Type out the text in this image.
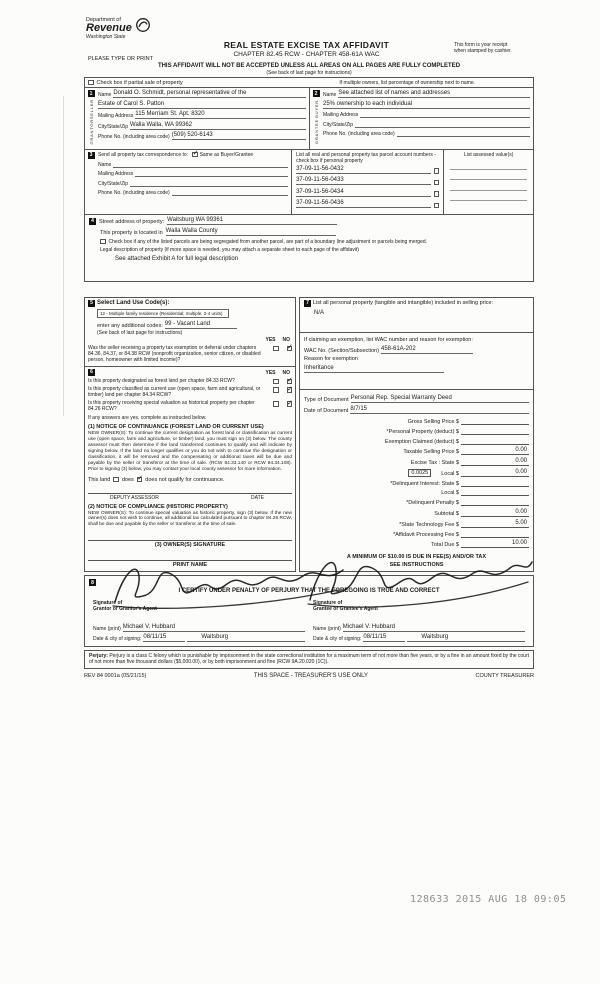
Department of
Revenue
Washington State
REAL ESTATE EXCISE TAX AFFIDAVIT
CHAPTER 82.45 RCW - CHAPTER 458-61A WAC
This form is your receipt
when stamped by cashier.
PLEASE TYPE OR PRINT
THIS AFFIDAVIT WILL NOT BE ACCEPTED UNLESS ALL AREAS ON ALL PAGES ARE FULLY COMPLETED
(See back of last page for instructions)
Check box if partial sale of property	If multiple owners, list percentage of ownership next to name.
1
SELLER
GRANTOR
Name Donald O. Schmidt, personal representative of the
Estate of Carol S. Patton
Mailing Address 115 Merriam St. Apt. 8320
City/State/Zip Walla Walla, WA 99362
Phone No. (including area code) (509) 520-6143
2
BUYER
GRANTEE
Name See attached list of names and addresses
25% ownership to each individual
Mailing Address
City/State/Zip
Phone No. (including area code)
3	Send all property tax correspondence to: ✓ Same as Buyer/Grantee
Name
Mailing Address
City/State/Zip
Phone No. (including area code)
List all real and personal property tax parcel account numbers - check box if personal property
37-09-11-56-0432
37-09-11-56-0433
37-09-11-56-0434
37-09-11-56-0436
List assessed value(s)
4 Street address of property: Waitsburg WA 99361
This property is located in Walla Walla County
Check box if any of the listed parcels are being segregated from another parcel, are part of a boundary line adjustment or parcels being merged.
Legal description of property (if more space is needed, you may attach a separate sheet to each page of the affidavit)
See attached Exhibit A for full legal description
5 Select Land Use Code(s):
12 - Multiple family residence (Residential; multiple, 2-4 units)
enter any additional codes: 99 - Vacant Land
(See back of last page for instructions)
YES NO
Was the seller receiving a property tax exemption or deferral under chapters 84.36, 84.37, or 84.38 RCW (nonprofit organization, senior citizen, or disabled person, homeowner with limited income)?
✓
6	YES NO
Is this property designated as forest land per chapter 84.33 RCW?	✓
Is this property classified as current use (open space, farm and agricultural, or timber) land per chapter 84.34 RCW?
✓
Is this property receiving special valuation as historical property per chapter 84.26 RCW?
✓
If any answers are yes, complete as instructed below.
(1) NOTICE OF CONTINUANCE (FOREST LAND OR CURRENT USE)
NEW OWNER(S): To continue the current designation as forest land or classification as current use (open space, farm and agriculture, or timber) land, you must sign on (3) below. The county assessor must then determine if the land transferred continues to qualify and will indicate by signing below. If the land no longer qualifies or you do not wish to continue the designation or classification, it will be removed and the compensating or additional taxes will be due and payable by the seller or transferor at the time of sale. (RCW 84.33.140 or RCW 84.34.108). Prior to signing (3) below, you may contact your local county assessor for more information.
This land does ✓ does not qualify for continuance.
DEPUTY ASSESSOR	DATE
(2) NOTICE OF COMPLIANCE (HISTORIC PROPERTY)
NEW OWNER(S): To continue special valuation as historic property, sign (3) below. If the new owner(s) does not wish to continue, all additional tax calculated pursuant to chapter 84.26 RCW, shall be due and payable by the seller or transferor at the time of sale.
(3) OWNER(S) SIGNATURE
PRINT NAME
7 List all personal property (tangible and intangible) included in selling price:
N/A
If claiming an exemption, list WAC number and reason for exemption:
WAC No. (Section/Subsection) 458-61A-202
Reason for exemption
Inheritance
Type of Document Personal Rep. Special Warranty Deed
Date of Document 8/7/15
Gross Selling Price $
*Personal Property (deduct) $
Exemption Claimed (deduct) $
Taxable Selling Price $	0.00
Excise Tax : State $	0.00
0.0025	Local $	0.00
*Delinquent Interest: State $
Local $
*Delinquent Penalty $
Subtotal $	0.00
*State Technology Fee $	5.00
*Affidavit Processing Fee $
Total Due $	10.00
A MINIMUM OF $10.00 IS DUE IN FEE(S) AND/OR TAX
SEE INSTRUCTIONS
8
I CERTIFY UNDER PENALTY OF PERJURY THAT THE FOREGOING IS TRUE AND CORRECT
Signature of
Grantor or Grantor's Agent
Name (print) Michael V. Hubbard
Date & city of signing: 08/11/15	Waitsburg
Signature of
Grantee or Grantee's Agent
Name (print) Michael V. Hubbard
Date & city of signing: 08/11/15	Waitsburg
Perjury: Perjury is a class C felony which is punishable by imprisonment in the state correctional institution for a maximum term of not more than five years, or by a fine in an amount fixed by the court of not more than five thousand dollars ($5,000.00), or by both imprisonment and fine (RCW 9A.20.020 (1C)).
REV 84 0001a (05/21/15)	THIS SPACE - TREASURER'S USE ONLY	COUNTY TREASURER
128633 2015 AUG 18 09:05
